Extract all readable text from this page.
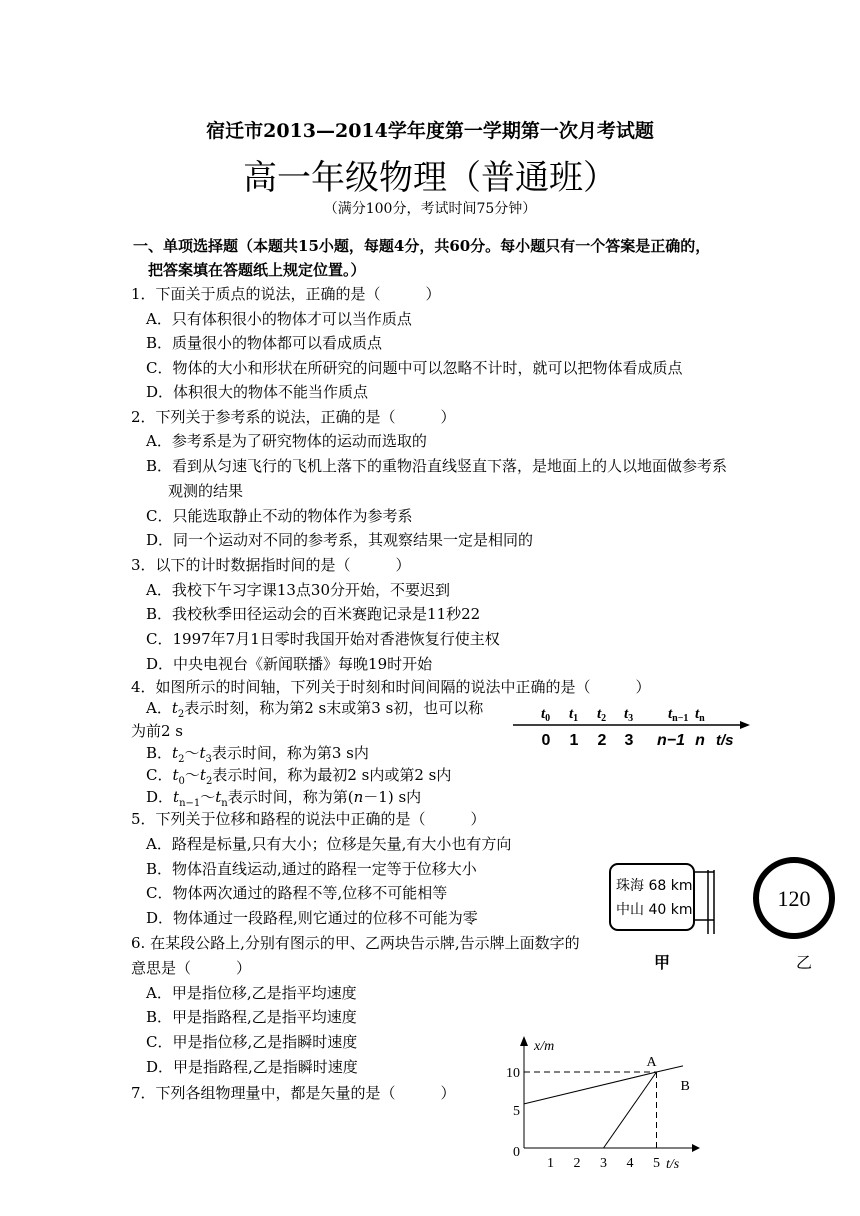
宿迁市2013—2014学年度第一学期第一次月考试题
高一年级物理（普通班）
（满分100分，考试时间75分钟）
一、单项选择题（本题共15小题，每题4分，共60分。每小题只有一个答案是正确的，
把答案填在答题纸上规定位置。）
1．下面关于质点的说法，正确的是（　　　）
A．只有体积很小的物体才可以当作质点
B．质量很小的物体都可以看成质点
C．物体的大小和形状在所研究的问题中可以忽略不计时，就可以把物体看成质点
D．体积很大的物体不能当作质点
2．下列关于参考系的说法，正确的是（　　　）
A．参考系是为了研究物体的运动而选取的
B．看到从匀速飞行的飞机上落下的重物沿直线竖直下落，是地面上的人以地面做参考系
观测的结果
C．只能选取静止不动的物体作为参考系
D．同一个运动对不同的参考系，其观察结果一定是相同的
3．以下的计时数据指时间的是（　　　）
A．我校下午习字课13点30分开始，不要迟到
B．我校秋季田径运动会的百米赛跑记录是11秒22
C．1997年7月1日零时我国开始对香港恢复行使主权
D．中央电视台《新闻联播》每晚19时开始
4．如图所示的时间轴，下列关于时刻和时间间隔的说法中正确的是（　　　）
A．$t_2$表示时刻，称为第2 s末或第3 s初，也可以称
为前2 s
B．$t_2\sim t_3$表示时间，称为第3 s内
C．$t_0\sim t_2$表示时间，称为最初2 s内或第2 s内
D．$t_{n-1}\sim t_n$表示时间，称为第(n－1) s内
$t_0$ $t_1$ $t_2$ $t_3$ $t_{n-1}$ $t_n$
0 1 2 3 n−1 n t/s
5．下列关于位移和路程的说法中正确的是（　　　）
A．路程是标量,只有大小；位移是矢量,有大小也有方向
B．物体沿直线运动,通过的路程一定等于位移大小
C．物体两次通过的路程不等,位移不可能相等
D．物体通过一段路程,则它通过的位移不可能为零
6. 在某段公路上,分别有图示的甲、乙两块告示牌,告示牌上面数字的
意思是（　　　）
A．甲是指位移,乙是指平均速度
B．甲是指路程,乙是指平均速度
C．甲是指位移,乙是指瞬时速度
D．甲是指路程,乙是指瞬时速度
珠海 68 km
中山 40 km
甲
120
乙
7．下列各组物理量中，都是矢量的是（　　　）
x/m
t/s
1 2 3 4 5
0
5
10
A
B
